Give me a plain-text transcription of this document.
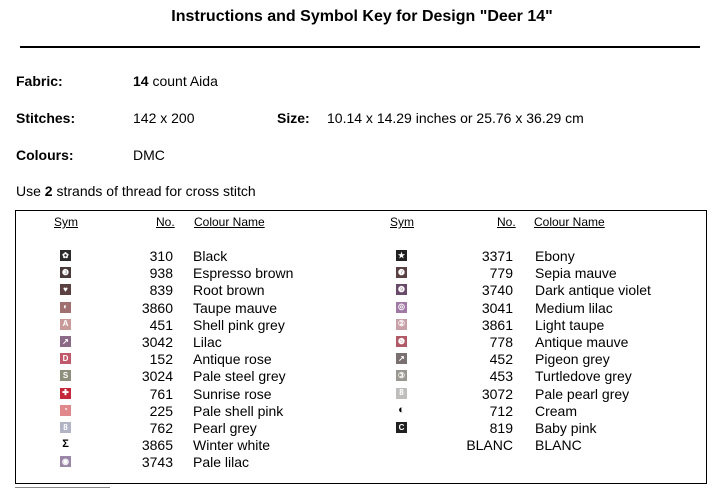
Instructions and Symbol Key for Design "Deer 14"
Fabric:	14 count Aida
Stitches:	142 x 200	Size: 10.14 x 14.29 inches or 25.76 x 36.29 cm
Colours:	DMC
Use 2 strands of thread for cross stitch
Sym	No. Colour Name	Sym	No. Colour Name
✿	310 Black
❸	938 Espresso brown
♥	839 Root brown
◐	3860 Taupe mauve
A	451 Shell pink grey
↗	3042 Lilac
D	152 Antique rose
S	3024 Pale steel grey
✚	761 Sunrise rose
◔	225 Pale shell pink
8	762 Pearl grey
Σ	3865 Winter white
◉	3743 Pale lilac
★	3371 Ebony
❼	779 Sepia mauve
❾	3740 Dark antique violet
◎	3041 Medium lilac
②	3861 Light taupe
❺	778 Antique mauve
↗	452 Pigeon grey
③	453 Turtledove grey
8	3072 Pale pearl grey
◐	712 Cream
C	819 Baby pink
BLANC BLANC
